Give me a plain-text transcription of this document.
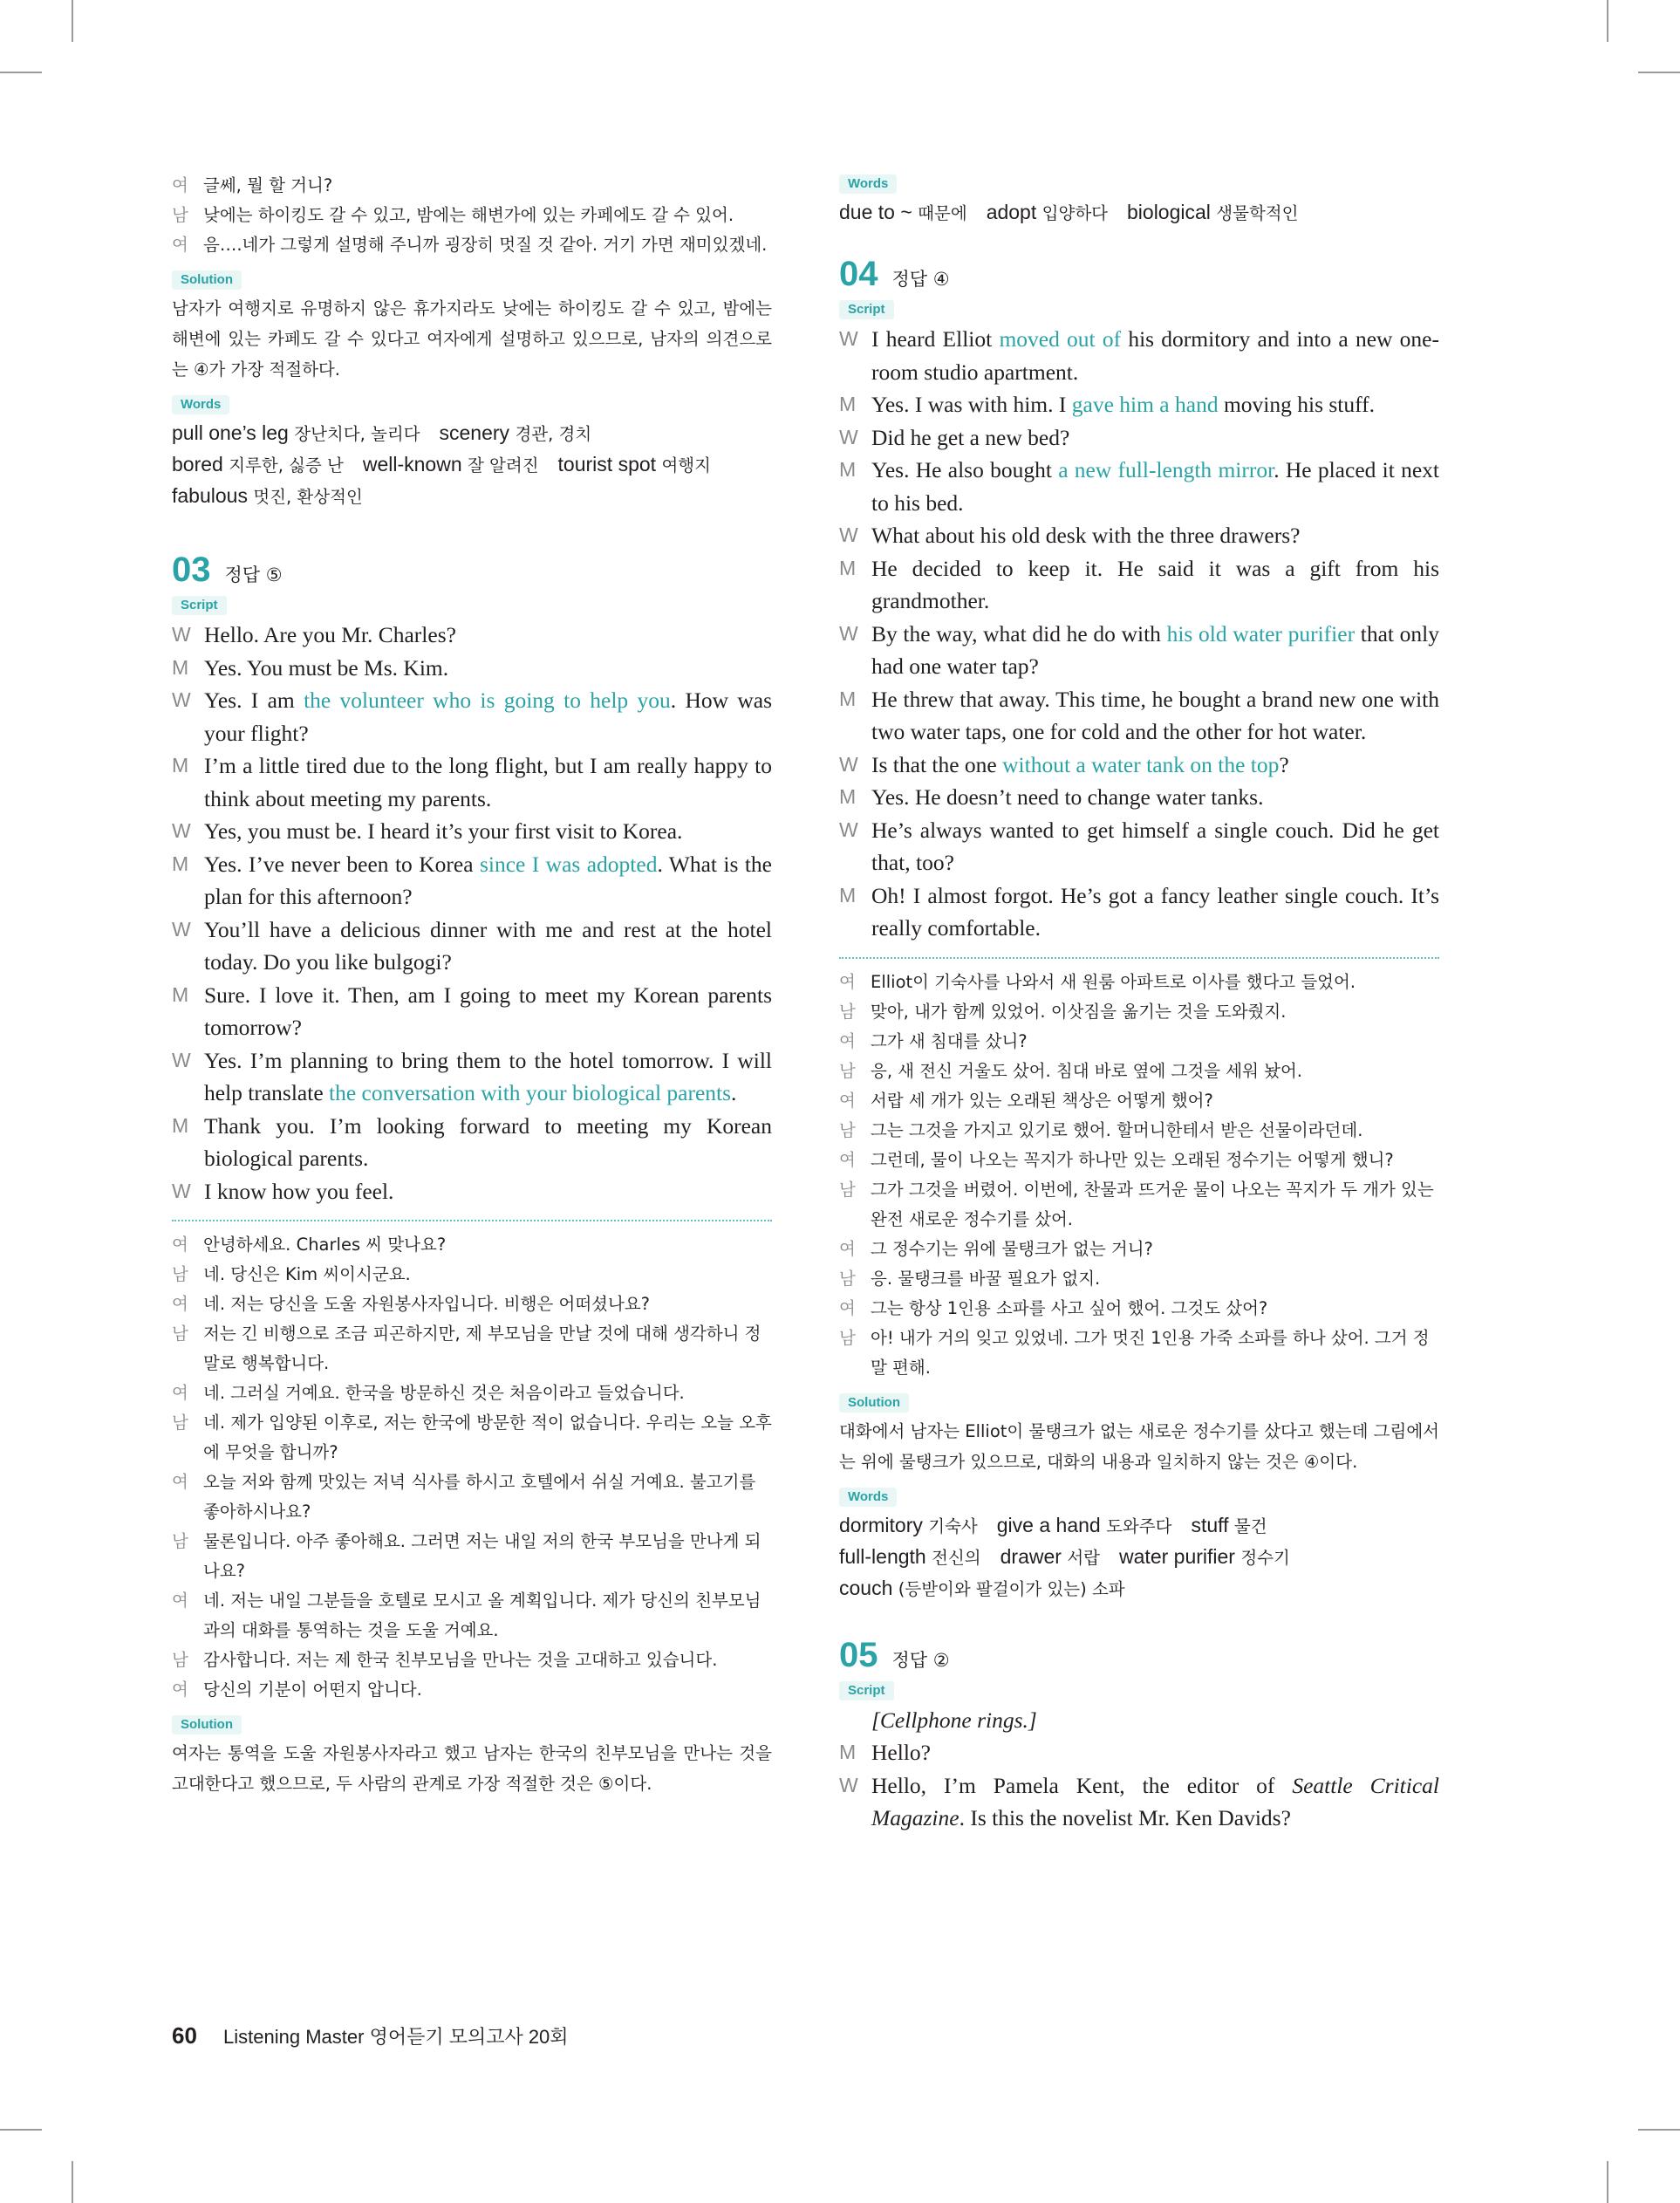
여 글쎄, 뭘 할 거니?
남 낮에는 하이킹도 갈 수 있고, 밤에는 해변가에 있는 카페에도 갈 수 있어.
여 음….네가 그렇게 설명해 주니까 굉장히 멋질 것 같아. 거기 가면 재미있겠네.
Solution
남자가 여행지로 유명하지 않은 휴가지라도 낮에는 하이킹도 갈 수 있고, 밤에는 해변에 있는 카페도 갈 수 있다고 여자에게 설명하고 있으므로, 남자의 의견으로는 ④가 가장 적절하다.
Words
pull one’s leg 장난치다, 놀리다 scenery 경관, 경치
bored 지루한, 싫증 난 well-known 잘 알려진 tourist spot 여행지
fabulous 멋진, 환상적인
03 정답 ⑤
Script
W Hello. Are you Mr. Charles?
M Yes. You must be Ms. Kim.
W Yes. I am the volunteer who is going to help you. How was your flight?
M I’m a little tired due to the long flight, but I am really happy to think about meeting my parents.
W Yes, you must be. I heard it’s your first visit to Korea.
M Yes. I’ve never been to Korea since I was adopted. What is the plan for this afternoon?
W You’ll have a delicious dinner with me and rest at the hotel today. Do you like bulgogi?
M Sure. I love it. Then, am I going to meet my Korean parents tomorrow?
W Yes. I’m planning to bring them to the hotel tomorrow. I will help translate the conversation with your biological parents.
M Thank you. I’m looking forward to meeting my Korean biological parents.
W I know how you feel.
여 안녕하세요. Charles 씨 맞나요?
남 네. 당신은 Kim 씨이시군요.
여 네. 저는 당신을 도울 자원봉사자입니다. 비행은 어떠셨나요?
남 저는 긴 비행으로 조금 피곤하지만, 제 부모님을 만날 것에 대해 생각하니 정말로 행복합니다.
여 네. 그러실 거예요. 한국을 방문하신 것은 처음이라고 들었습니다.
남 네. 제가 입양된 이후로, 저는 한국에 방문한 적이 없습니다. 우리는 오늘 오후에 무엇을 합니까?
여 오늘 저와 함께 맛있는 저녁 식사를 하시고 호텔에서 쉬실 거예요. 불고기를 좋아하시나요?
남 물론입니다. 아주 좋아해요. 그러면 저는 내일 저의 한국 부모님을 만나게 되나요?
여 네. 저는 내일 그분들을 호텔로 모시고 올 계획입니다. 제가 당신의 친부모님과의 대화를 통역하는 것을 도울 거예요.
남 감사합니다. 저는 제 한국 친부모님을 만나는 것을 고대하고 있습니다.
여 당신의 기분이 어떤지 압니다.
Solution
여자는 통역을 도울 자원봉사자라고 했고 남자는 한국의 친부모님을 만나는 것을 고대한다고 했으므로, 두 사람의 관계로 가장 적절한 것은 ⑤이다.
Words
due to ~ 때문에 adopt 입양하다 biological 생물학적인
04 정답 ④
Script
W I heard Elliot moved out of his dormitory and into a new one-room studio apartment.
M Yes. I was with him. I gave him a hand moving his stuff.
W Did he get a new bed?
M Yes. He also bought a new full-length mirror. He placed it next to his bed.
W What about his old desk with the three drawers?
M He decided to keep it. He said it was a gift from his grandmother.
W By the way, what did he do with his old water purifier that only had one water tap?
M He threw that away. This time, he bought a brand new one with two water taps, one for cold and the other for hot water.
W Is that the one without a water tank on the top?
M Yes. He doesn’t need to change water tanks.
W He’s always wanted to get himself a single couch. Did he get that, too?
M Oh! I almost forgot. He’s got a fancy leather single couch. It’s really comfortable.
여 Elliot이 기숙사를 나와서 새 원룸 아파트로 이사를 했다고 들었어.
남 맞아, 내가 함께 있었어. 이삿짐을 옮기는 것을 도와줬지.
여 그가 새 침대를 샀니?
남 응, 새 전신 거울도 샀어. 침대 바로 옆에 그것을 세워 놨어.
여 서랍 세 개가 있는 오래된 책상은 어떻게 했어?
남 그는 그것을 가지고 있기로 했어. 할머니한테서 받은 선물이라던데.
여 그런데, 물이 나오는 꼭지가 하나만 있는 오래된 정수기는 어떻게 했니?
남 그가 그것을 버렸어. 이번에, 찬물과 뜨거운 물이 나오는 꼭지가 두 개가 있는 완전 새로운 정수기를 샀어.
여 그 정수기는 위에 물탱크가 없는 거니?
남 응. 물탱크를 바꿀 필요가 없지.
여 그는 항상 1인용 소파를 사고 싶어 했어. 그것도 샀어?
남 아! 내가 거의 잊고 있었네. 그가 멋진 1인용 가죽 소파를 하나 샀어. 그거 정말 편해.
Solution
대화에서 남자는 Elliot이 물탱크가 없는 새로운 정수기를 샀다고 했는데 그림에서는 위에 물탱크가 있으므로, 대화의 내용과 일치하지 않는 것은 ④이다.
Words
dormitory 기숙사 give a hand 도와주다 stuff 물건
full-length 전신의 drawer 서랍 water purifier 정수기
couch (등받이와 팔걸이가 있는) 소파
05 정답 ②
Script
[Cellphone rings.]
M Hello?
W Hello, I’m Pamela Kent, the editor of Seattle Critical Magazine. Is this the novelist Mr. Ken Davids?
60 Listening Master 영어듣기 모의고사 20회
